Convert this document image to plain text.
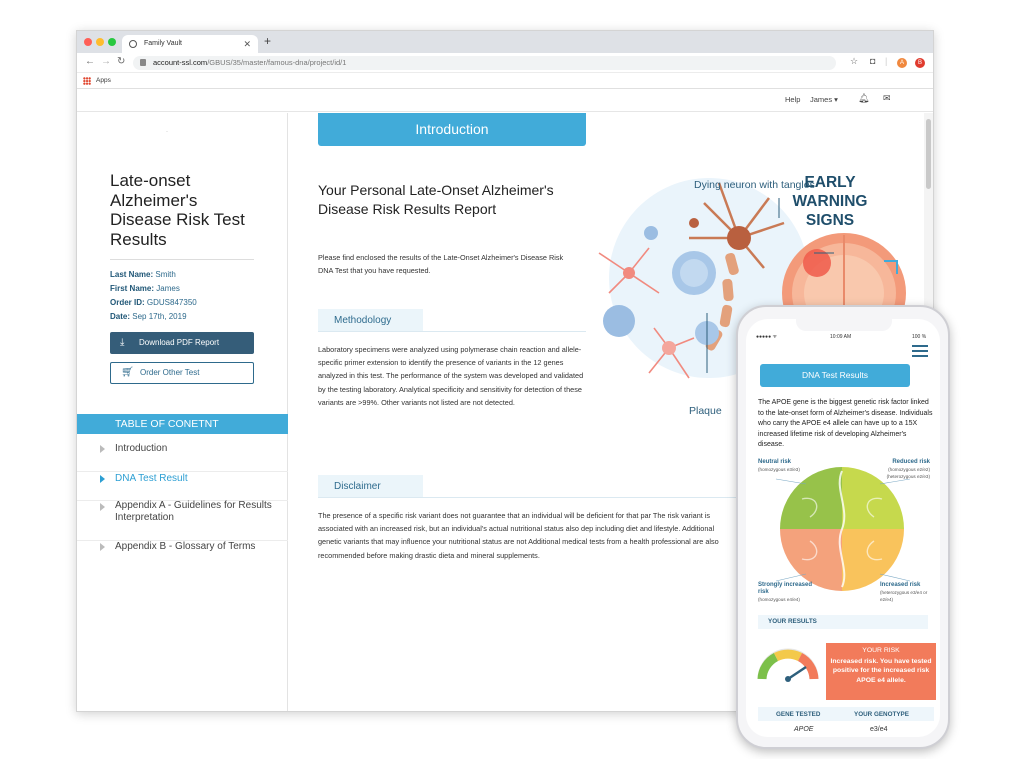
Family Vault	✕ +
← → ↻	account-ssl.com/GBUS/35/master/famous-dna/project/id/1	☆ ◘ |	A	B
Apps
Help James ▾ 🔔︎ ✉
·
Late-onset Alzheimer's Disease Risk Test Results
Last Name: Smith
First Name: James
Order ID: GDUS847350
Date: Sep 17th, 2019
⤓ Download PDF Report
🛒︎ Order Other Test
TABLE OF CONETNT
Introduction
DNA Test Result
Appendix A - Guidelines for Results Interpretation
Appendix B - Glossary of Terms
Introduction
Your Personal Late-Onset Alzheimer's Disease Risk Results Report
Please find enclosed the results of the Late-Onset Alzheimer's Disease Risk DNA Test that you have requested.
Methodology
Laboratory specimens were analyzed using polymerase chain reaction and allele-specific primer extension to identify the presence of variants in the 12 genes analyzed in this test. The performance of the system was developed and validated by the testing laboratory. Analytical specificity and sensitivity for detection of these variants are >99%. Other variants not listed are not detected.
Disclaimer
The presence of a specific risk variant does not guarantee that an individual will be deficient for that par The risk variant is associated with an increased risk, but an individual's actual nutritional status also dep including diet and lifestyle. Additional genetic variants that may influence your nutritional status are not Additional medical tests from a health professional are also recommended before making drastic dieta and mineral supplements.
Dying neuron with tangles
Plaque
EARLY WARNING SIGNS
●●●●● ᯤ	10:09 AM	100 %
DNA Test Results
The APOE gene is the biggest genetic risk factor linked to the late-onset form of Alzheimer's disease. Individuals who carry the APOE e4 allele can have up to a 15X increased lifetime risk of developing Alzheimer's disease.
Neutral risk
(homozygous e3/e3)
Reduced risk
(homozygous e2/e2) (heterozygous e2/e3)
Strongly increased risk
(homozygous e4/e4)
Increased risk
(heterozygous e3/e4 or e2/e4)
YOUR RESULTS
YOUR RISK
Increased risk. You have tested positive for the increased risk APOE e4 allele.
GENE TESTED	YOUR GENOTYPE
APOE	e3/e4
